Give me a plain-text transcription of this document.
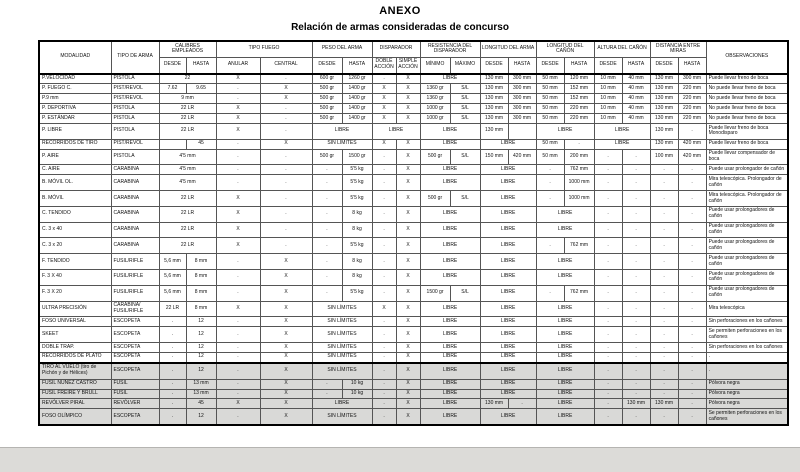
ANEXO
Relación de armas consideradas de concurso
MODALIDAD	TIPO DE ARMA	CALIBRES EMPLEADOS		TIPO FUEGO		PESO DEL ARMA		DISPARADOR		RESISTENCIA DEL DISPARADOR		LONGITUD DEL ARMA		LONGITUD DEL CAÑÓN		ALTURA DEL CAÑÓN		DISTANCIA ENTRE MIRAS		OBSERVACIONES
		DESDE	HASTA	ANULAR	CENTRAL	DESDE	HASTA	DOBLE ACCIÓN	SIMPLE ACCIÓN	MÍNIMO	MÁXIMO	DESDE	HASTA	DESDE	HASTA	DESDE	HASTA	DESDE	HASTA	
P.VELOCIDAD	PISTOLA	22		X	.	600 gr	1260 gr	.	X	LIBRE		130 mm	300 mm	50 mm	120 mm	10 mm	40 mm	130 mm	300 mm	Puede llevar freno de boca
P. FUEGO C.	PIST/REVOL	7.62	9.65	.	X	500 gr	1400 gr	X	X	1360 gr	S/L	130 mm	300 mm	50 mm	152 mm	10 mm	40 mm	130 mm	220 mm	No puede llevar freno de boca
P.9 mm	PIST/REVOL	9 mm		.	X	500 gr	1400 gr	X	X	1360 gr	S/L	130 mm	300 mm	50 mm	152 mm	10 mm	40 mm	130 mm	220 mm	No puede llevar freno de boca
P. DEPORTIVA	PISTOLA	22 LR		X	.	500 gr	1400 gr	X	X	1000 gr	S/L	130 mm	300 mm	50 mm	220 mm	10 mm	40 mm	130 mm	220 mm	No puede llevar freno de boca
P. ESTÁNDAR	PISTOLA	22 LR		X	.	500 gr	1400 gr	X	X	1000 gr	S/L	130 mm	300 mm	50 mm	220 mm	10 mm	40 mm	130 mm	220 mm	No puede llevar freno de boca
P. LIBRE	PISTOLA	22 LR		X	.	LIBRE		LIBRE		LIBRE		130 mm		LIBRE		LIBRE		130 mm	.	Puede llevar freno de boca Monodisparo
RECORRIDOS DE TIRO	PIST/REVOL		45	.	X	SIN LÍMITES		X	X	LIBRE		LIBRE		50 mm	.	LIBRE		130 mm	420 mm	Puede llevar freno de boca
P. AIRE	PISTOLA	4'5 mm		.	.	500 gr	1500 gr	.	X	500 gr	S/L	150 mm	420 mm	50 mm	200 mm	.	.	100 mm	420 mm	Puede llevar compensador de boca
C. AIRE	CARABINA	4'5 mm		.	.	.	5'5 kg	.	X	LIBRE		LIBRE		.	762 mm	.	.	.	.	Puede usar prolongador de cañón
B. MÓVIL OL.	CARABINA	4'5 mm		.	.	.	5'5 kg	.	X	LIBRE		LIBRE		.	1000 mm	.	.	.	.	Mira telescópica. Prolongador de cañón
B. MÓVIL	CARABINA	22 LR		X	.	.	5'5 kg	.	X	500 gr	S/L	LIBRE		.	1000 mm	.	.	.	.	Mira telescópica. Prolongador de cañón
C. TENDIDO	CARABINA	22 LR		X	.	.	8 kg	.	X	LIBRE		LIBRE		LIBRE		.	.	.	.	Puede usar prolongadores de cañón
C. 3 x 40	CARABINA	22 LR		X	.	.	8 kg	.	X	LIBRE		LIBRE		LIBRE		.	.	.	.	Puede usar prolongadores de cañón
C. 3 x 20	CARABINA	22 LR		X	.	.	5'5 kg	.	X	LIBRE		LIBRE		.	762 mm	.	.	.	.	Puede usar prolongadores de cañón
F. TENDIDO	FUSIL/RIFLE	5,6 mm	8 mm	.	X	.	8 kg	.	X	LIBRE		LIBRE		LIBRE		.	.	.	.	Puede usar prolongadores de cañón
F. 3 X 40	FUSIL/RIFLE	5,6 mm	8 mm	.	X	.	8 kg	.	X	LIBRE		LIBRE		LIBRE		.	.	.	.	Puede usar prolongadores de cañón
F. 3 X 20	FUSIL/RIFLE	5,6 mm	8 mm	.	X	.	5'5 kg	.	X	1500 gr	S/L	LIBRE		.	762 mm	.	.	.	.	Puede usar prolongadores de cañón
ULTRA PRECISIÓN	CARABINA/ FUSIL/RIFLE	22 LR	8 mm	X	X	SIN LÍMITES		X	X	LIBRE		LIBRE		LIBRE		.	.	.	.	Mira telescópica
FOSO UNIVERSAL	ESCOPETA	.	12	.	X	SIN LÍMITES		.	X	LIBRE		LIBRE		LIBRE		.	.	.	.	Sin perforaciones en los cañones
SKEET	ESCOPETA	.	12	.	X	SIN LÍMITES		.	X	LIBRE		LIBRE		LIBRE		.	.	.	.	Se permiten perforaciones en los cañones
DOBLE TRAP.	ESCOPETA	.	12	.	X	SIN LÍMITES		.	X	LIBRE		LIBRE		LIBRE		.	.	.	.	Sin perforaciones en los cañones
RECORRIDOS DE PLATO	ESCOPETA	.	12	.	X	SIN LÍMITES		.	X	LIBRE		LIBRE		LIBRE		.	.	.	.	.
TIRO AL VUELO (tiro de Pichón y de Hélices)	ESCOPETA	.	12	.	X	SIN LÍMITES		.	X	LIBRE		LIBRE		LIBRE		.	.	.	.	.
FUSIL NÚÑEZ CASTRO	FUSIL	.	13 mm	.	X	.	10 kg	.	X	LIBRE		LIBRE		LIBRE		.	.	.	.	Pólvora negra
FUSIL FREIRE Y BRULL	FUSIL	.	13 mm	.	X	.	10 kg	.	X	LIBRE		LIBRE		LIBRE		.	.	.	.	Pólvora negra
REVÓLVER PIRAL	REVÓLVER	.	45	X	X	LIBRE		.	X	LIBRE		130 mm	.	LIBRE		.	130 mm	130 mm	.	Pólvora negra
FOSO OLÍMPICO	ESCOPETA	.	12	.	X	SIN LÍMITES		.	X	LIBRE		LIBRE		LIBRE		.	.	.	.	Se permiten perforaciones en los cañones
